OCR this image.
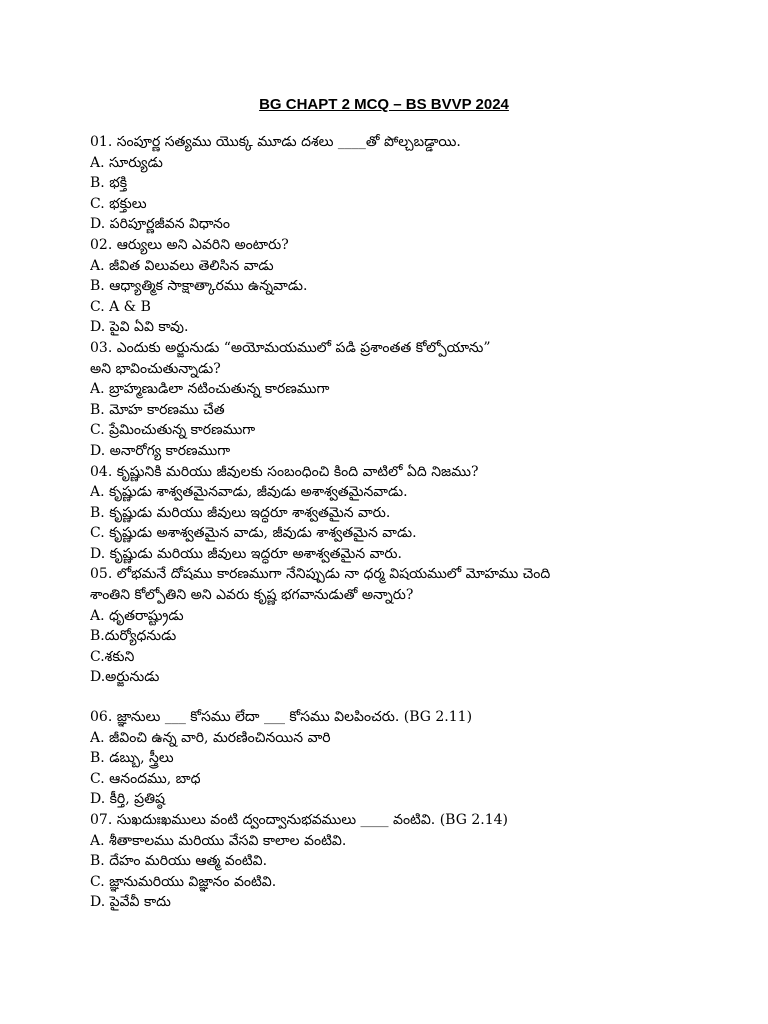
BG CHAPT 2 MCQ – BS BVVP 2024
01. సంపూర్ణ సత్యము యొక్క మూడు దశలు ____తో పోల్చబడ్డాయి.
A. సూర్యుడు
B. భక్తి
C. భక్తులు
D. పరిపూర్ణజీవన విధానం
02. ఆర్యులు అని ఎవరిని అంటారు?
A. జీవిత విలువలు తెలిసిన వాడు
B. ఆధ్యాత్మిక సాక్షాత్కారము ఉన్నవాడు.
C. A & B
D. పైవి ఏవి కావు.
03. ఎందుకు అర్జునుడు “అయోమయములో పడి ప్రశాంతత కోల్పోయాను”
అని భావించుతున్నాడు?
A. బ్రాహ్మణుడిలా నటించుతున్న కారణముగా
B. మోహ కారణము చేత
C. ప్రేమించుతున్న కారణముగా
D. అనారోగ్య కారణముగా
04. కృష్ణునికి మరియు జీవులకు సంబంధించి కింది వాటిలో ఏది నిజము?
A. కృష్ణుడు శాశ్వతమైనవాడు, జీవుడు అశాశ్వతమైనవాడు.
B. కృష్ణుడు మరియు జీవులు ఇద్ధరూ శాశ్వతమైన వారు.
C. కృష్ణుడు అశాశ్వతమైన వాడు, జీవుడు శాశ్వతమైన వాడు.
D. కృష్ణుడు మరియు జీవులు ఇద్ధరూ అశాశ్వతమైన వారు.
05. లోభమనే దోషము కారణముగా నేనిప్పుడు నా ధర్మ విషయములో మోహము చెంది
శాంతిని కోల్పోతిని అని ఎవరు కృష్ణ భగవానుడుతో అన్నారు?
A. ధృతరాష్ట్రుడు
B.దుర్యోధనుడు
C.శకుని
D.అర్జునుడు
06. జ్ఞానులు ___ కోసము లేదా ___ కోసము విలపించరు. (BG 2.11)
A. జీవించి ఉన్న వారి, మరణించినయిన వారి
B. డబ్బు, స్త్రీలు
C. ఆనందము, బాధ
D. కీర్తి, ప్రతిష్ఠ
07. సుఖదుఃఖములు వంటి ద్వంద్వానుభవములు ____ వంటివి. (BG 2.14)
A. శీతాకాలము మరియు వేసవి కాలాల వంటివి.
B. దేహం మరియు ఆత్మ వంటివి.
C. జ్ఞానుమరియు విజ్ఞానం వంటివి.
D. పైవేవీ కాదు
